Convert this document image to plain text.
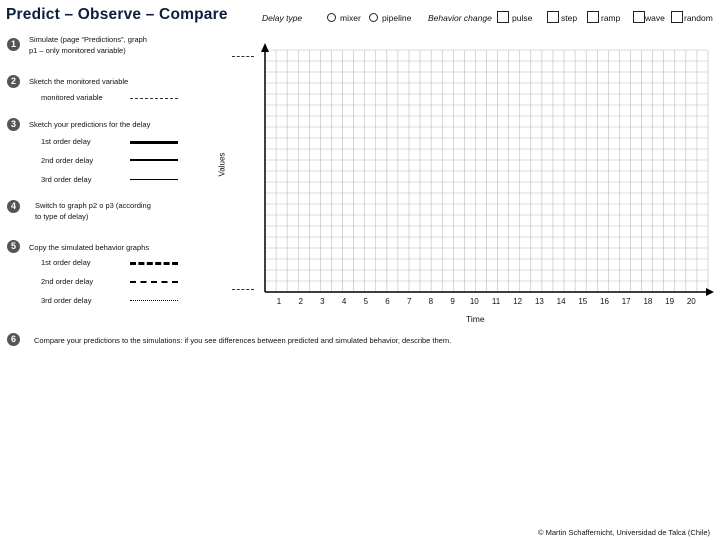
Predict – Observe – Compare	Delay type	mixer	pipeline Behavior change pulse	step	ramp	wave random
1	Simulate (page “Predictions”, graph
p1 – only monitored variable)
2	Sketch the monitored variable
monitored variable
3	Sketch your predictions for the delay
1st order delay
2nd order delay
3rd order delay
4	Switch to graph p2 o p3 (according
to type of delay)
5	Copy the simulated behavior graphs
1st order delay
2nd order delay
3rd order delay
Values
1	2	3	4	5	6	7	8	9	10	11	12	13	14	15	16	17	18	19	20
Time
6	Compare your predictions to the simulations: if you see differences between predicted and simulated behavior, describe them.
© Martin Schaffernicht, Universidad de Talca (Chile)
